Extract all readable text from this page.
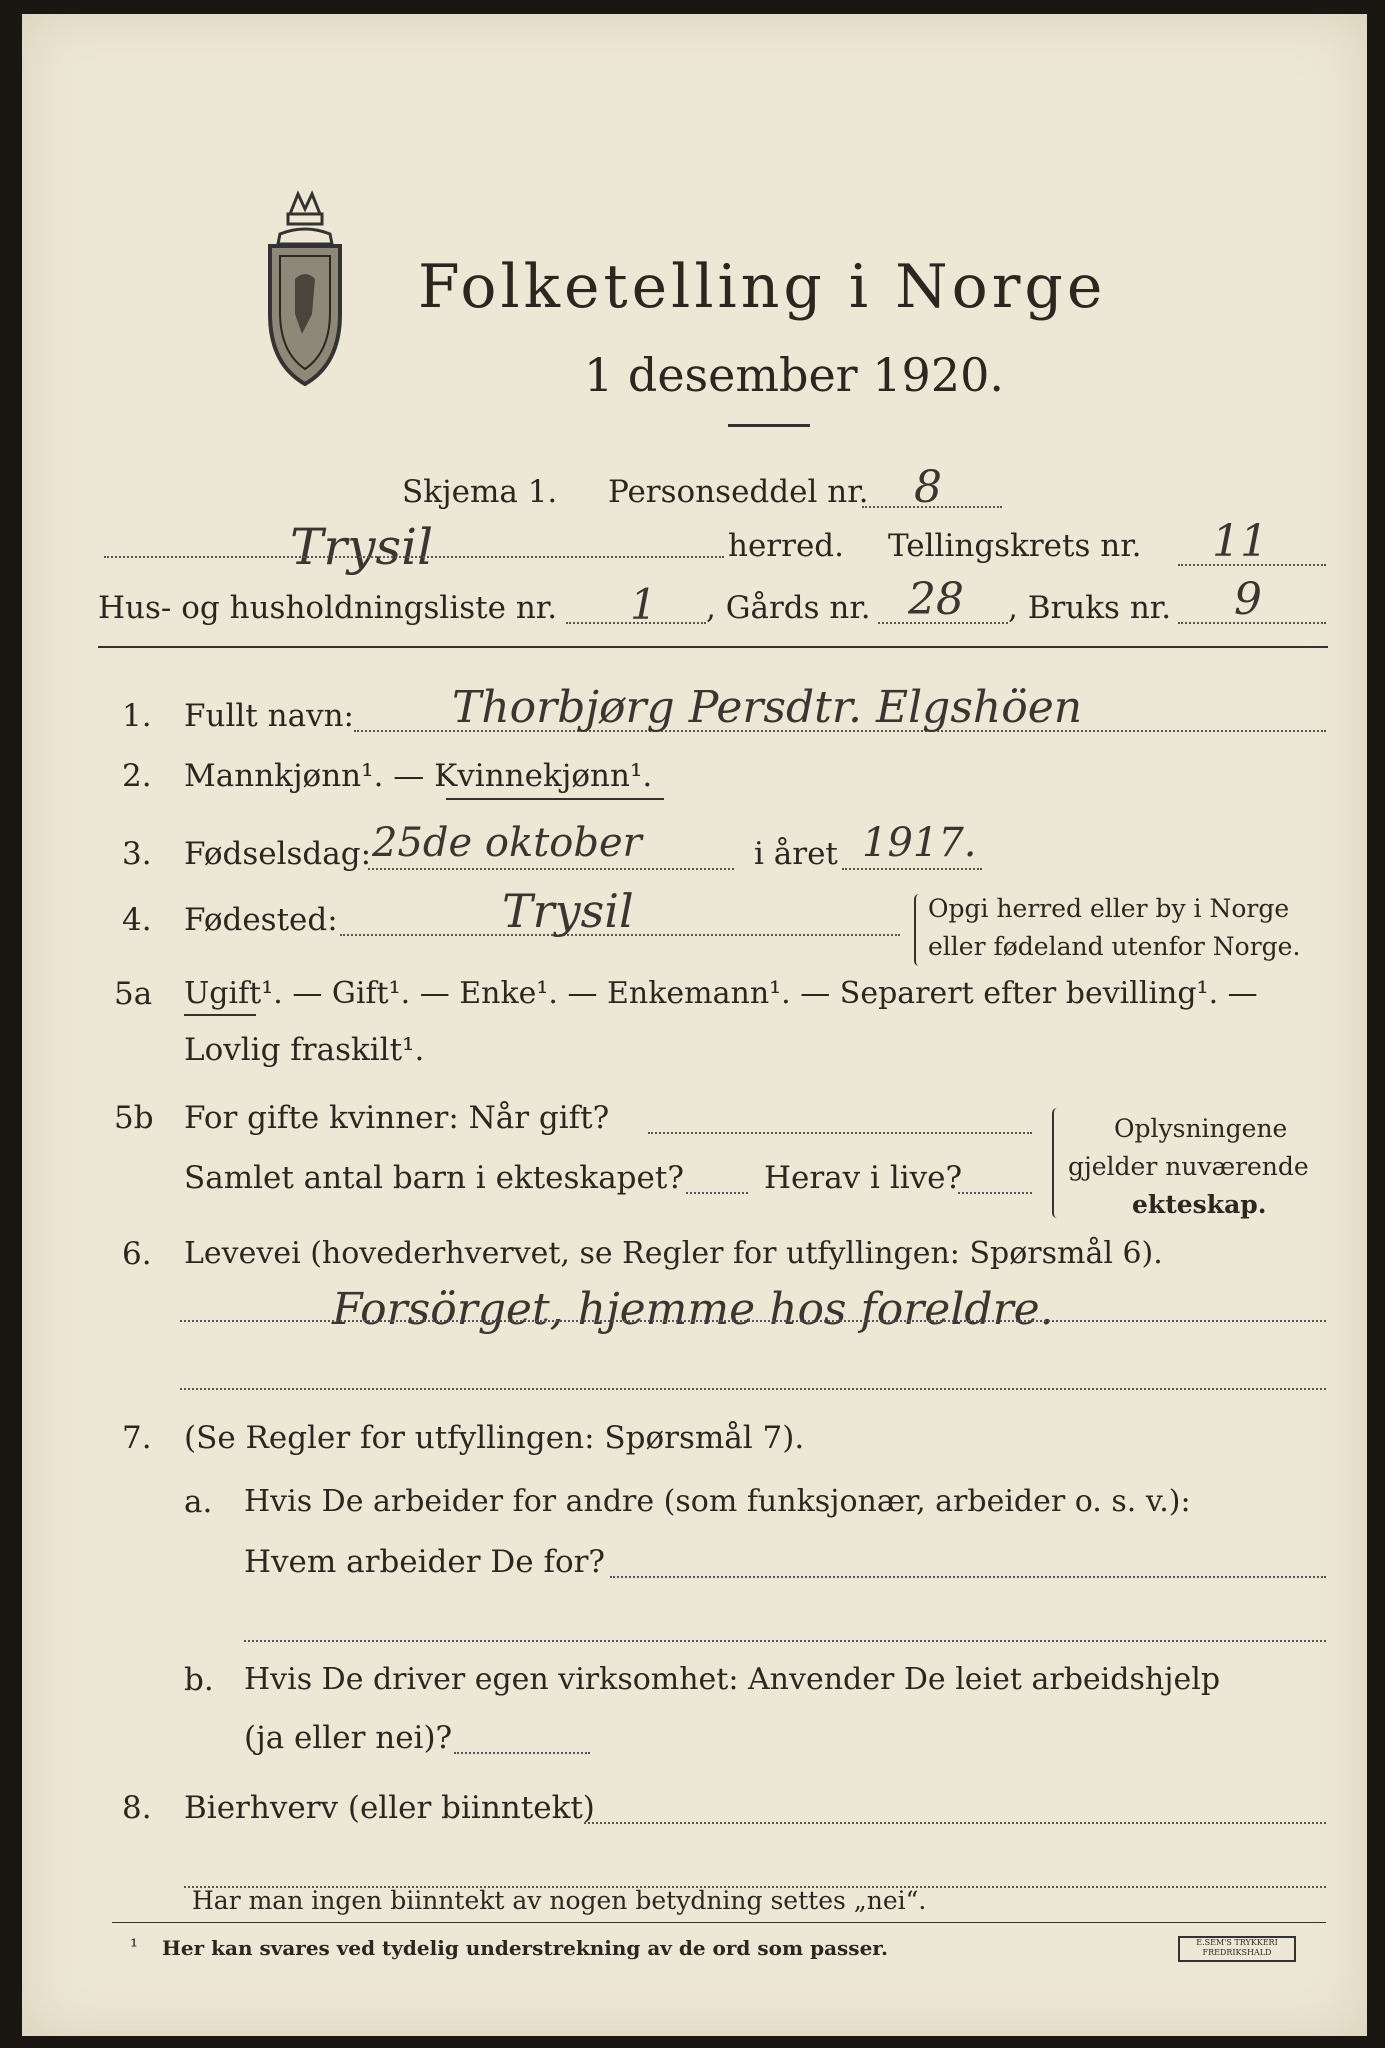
Folketelling i Norge
1 desember 1920.
Skjema 1. Personseddel nr. 8
Trysil	herred. Tellingskrets nr. 11
Hus- og husholdningsliste nr. 1 , Gårds nr. 28 , Bruks nr. 9
1. Fullt navn: Thorbjørg Persdtr. Elgshöen
2. Mannkjønn¹. — Kvinnekjønn¹.
3. Fødselsdag: 25de oktober	i året 1917.
4. Fødested:	Trysil	Opgi herred eller by i Norge
eller fødeland utenfor Norge.
5a Ugift¹. — Gift¹. — Enke¹. — Enkemann¹. — Separert efter bevilling¹. —
Lovlig fraskilt¹.
5b For gifte kvinner: Når gift?
Samlet antal barn i ekteskapet?	Herav i live?
Oplysningene
gjelder nuværende
ekteskap.
6. Levevei (hovederhvervet, se Regler for utfyllingen: Spørsmål 6).
Forsörget, hjemme hos foreldre.
7. (Se Regler for utfyllingen: Spørsmål 7).
a. Hvis De arbeider for andre (som funksjonær, arbeider o. s. v.):
Hvem arbeider De for?
b. Hvis De driver egen virksomhet: Anvender De leiet arbeidshjelp
(ja eller nei)?
8. Bierhverv (eller biinntekt)
Har man ingen biinntekt av nogen betydning settes „nei“.
¹ Her kan svares ved tydelig understrekning av de ord som passer.	E.SEM'S TRYKKERI FREDRIKSHALD
